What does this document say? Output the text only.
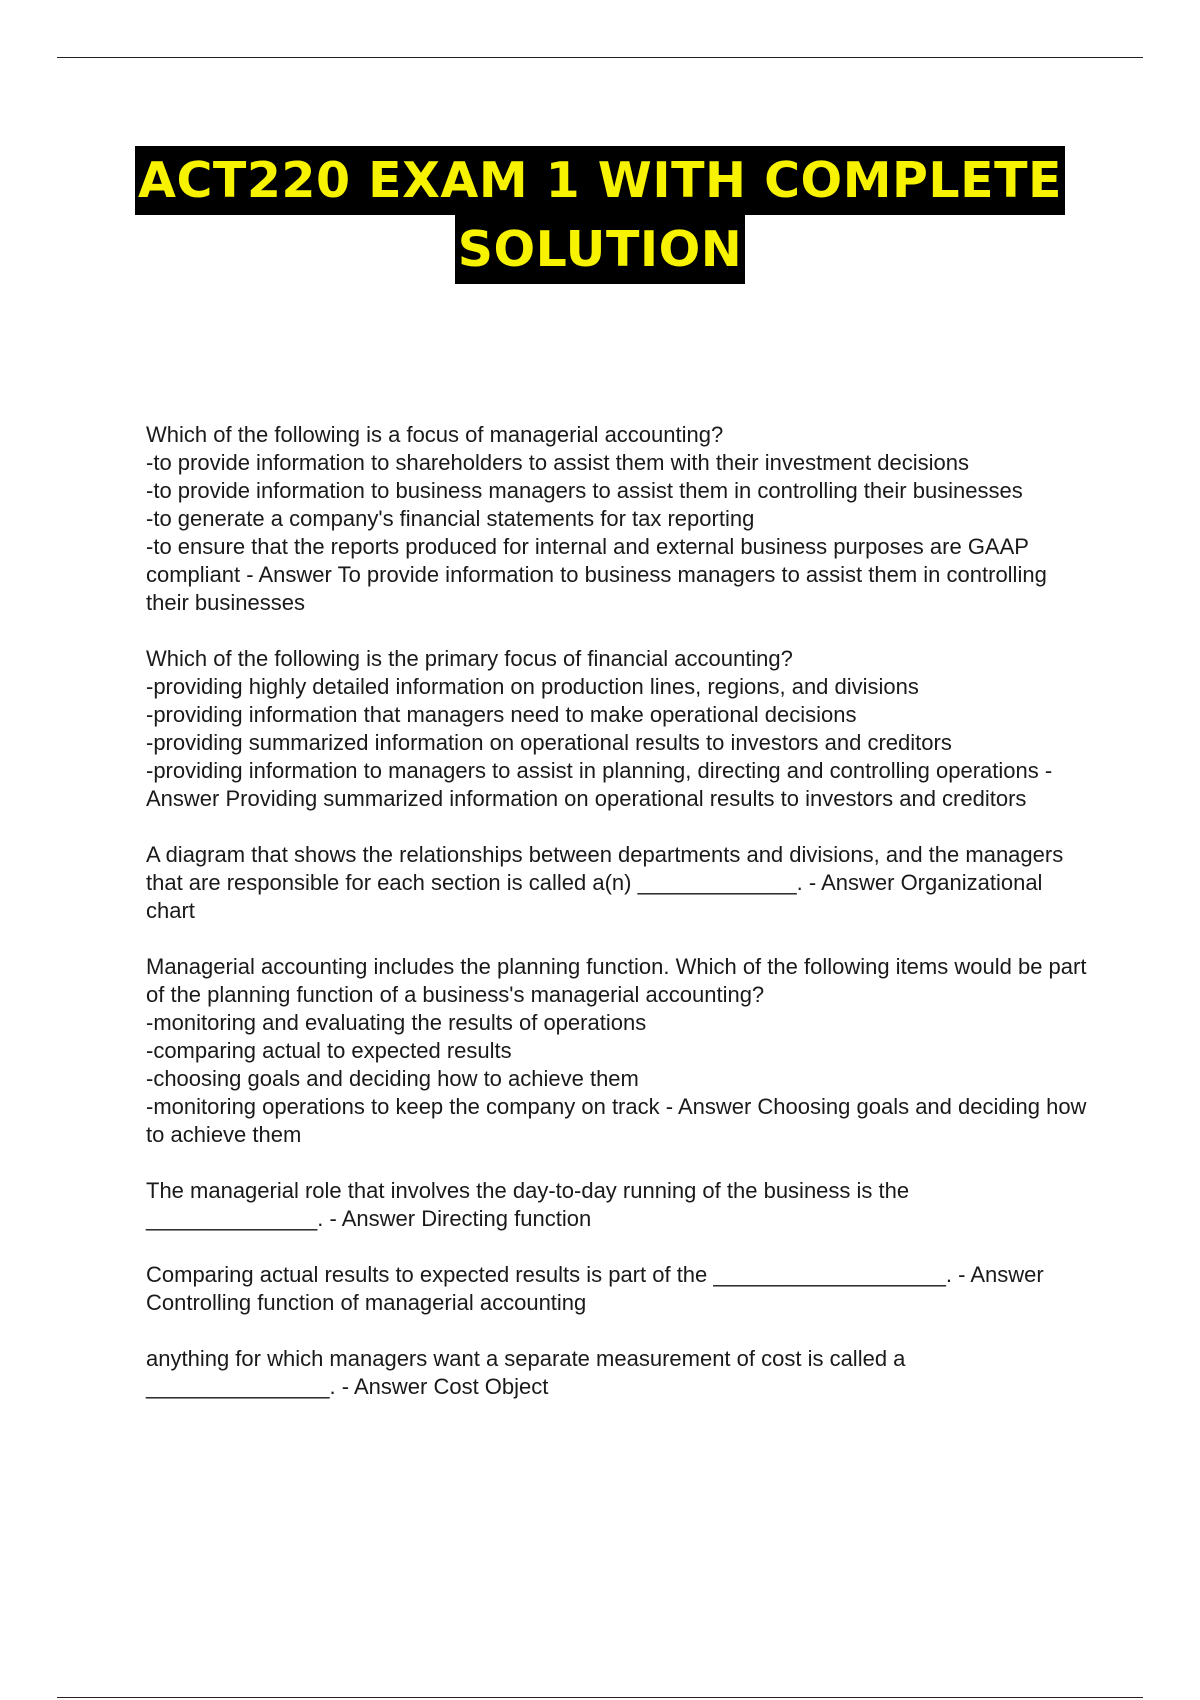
ACT220 EXAM 1 WITH COMPLETE
SOLUTION

Which of the following is a focus of managerial accounting?

-to provide information to shareholders to assist them with their investment decisions

-to provide information to business managers to assist them in controlling their businesses

-to generate a company's financial statements for tax reporting

-to ensure that the reports produced for internal and external business purposes are GAAP compliant - Answer To provide information to business managers to assist them in controlling their businesses

Which of the following is the primary focus of financial accounting?

-providing highly detailed information on production lines, regions, and divisions

-providing information that managers need to make operational decisions

-providing summarized information on operational results to investors and creditors

-providing information to managers to assist in planning, directing and controlling operations - Answer Providing summarized information on operational results to investors and creditors

A diagram that shows the relationships between departments and divisions, and the managers that are responsible for each section is called a(n) _____________. - Answer Organizational chart

Managerial accounting includes the planning function. Which of the following items would be part of the planning function of a business's managerial accounting?

-monitoring and evaluating the results of operations

-comparing actual to expected results

-choosing goals and deciding how to achieve them

-monitoring operations to keep the company on track - Answer Choosing goals and deciding how to achieve them

The managerial role that involves the day-to-day running of the business is the ______________. - Answer Directing function

Comparing actual results to expected results is part of the ___________________. - Answer Controlling function of managerial accounting

anything for which managers want a separate measurement of cost is called a _______________. - Answer Cost Object
